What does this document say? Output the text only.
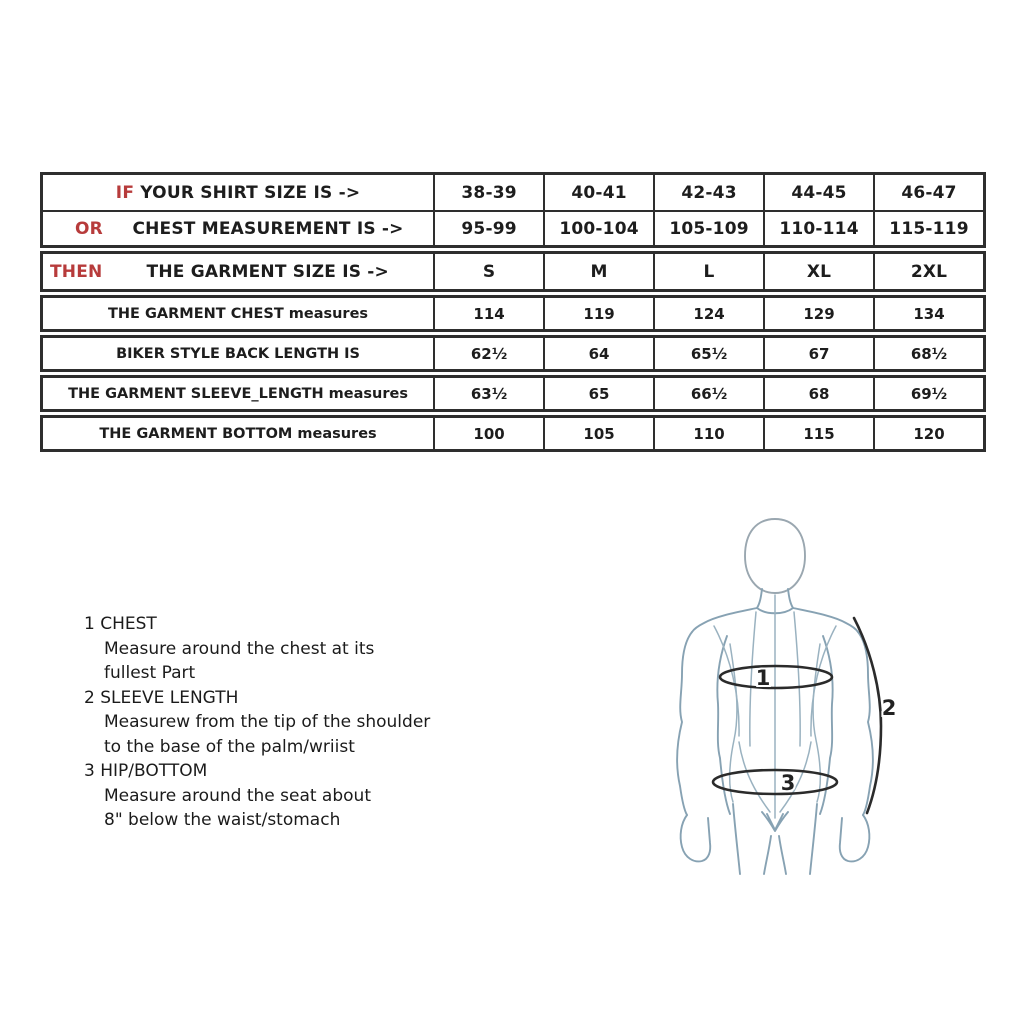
IF YOUR SHIRT SIZE IS ->	38-39	40-41	42-43	44-45	46-47
OR	CHEST MEASUREMENT IS ->	95-99	100-104	105-109	110-114	115-119
THEN	THE GARMENT SIZE IS ->	S	M	L	XL	2XL
THE GARMENT CHEST measures	114	119	124	129	134
BIKER STYLE BACK LENGTH IS	62½	64	65½	67	68½
THE GARMENT SLEEVE_LENGTH measures	63½	65	66½	68	69½
THE GARMENT BOTTOM measures	100	105	110	115	120
1 CHEST
Measure around the chest at its
fullest Part
2 SLEEVE LENGTH
Measurew from the tip of the shoulder
to the base of the palm/wriist
3 HIP/BOTTOM
Measure around the seat about
8" below the waist/stomach
1
2
3
